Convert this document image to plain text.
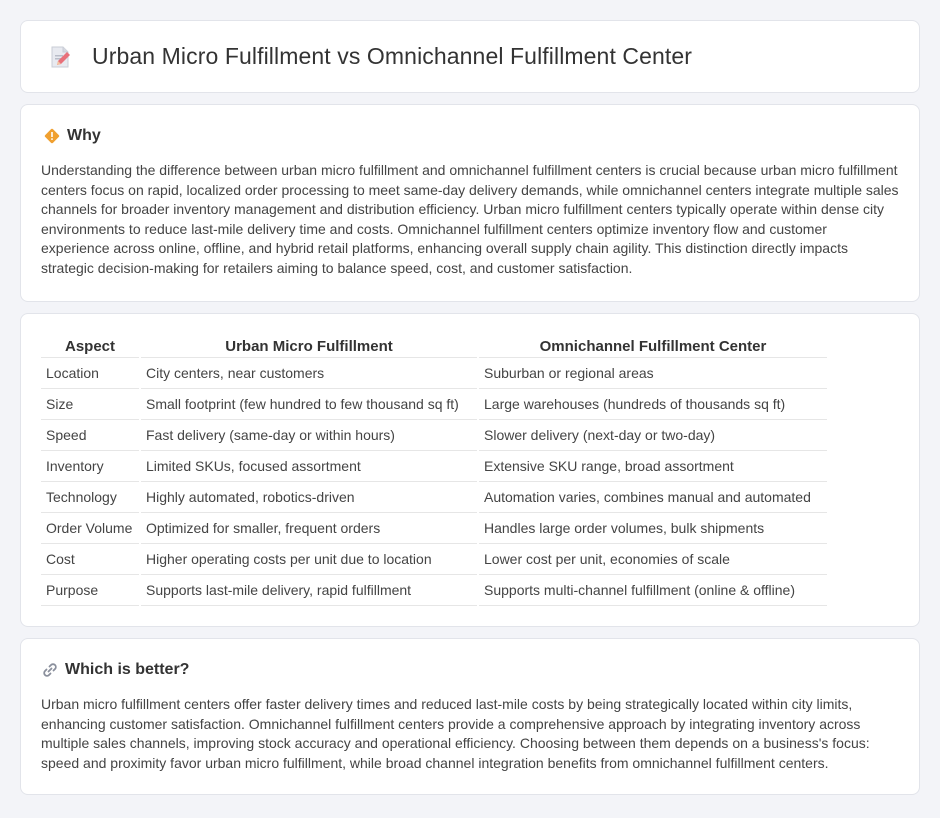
Urban Micro Fulfillment vs Omnichannel Fulfillment Center
Why

Understanding the difference between urban micro fulfillment and omnichannel fulfillment centers is crucial because urban micro fulfillment centers focus on rapid, localized order processing to meet same-day delivery demands, while omnichannel centers integrate multiple sales channels for broader inventory management and distribution efficiency. Urban micro fulfillment centers typically operate within dense city environments to reduce last-mile delivery time and costs. Omnichannel fulfillment centers optimize inventory flow and customer experience across online, offline, and hybrid retail platforms, enhancing overall supply chain agility. This distinction directly impacts strategic decision-making for retailers aiming to balance speed, cost, and customer satisfaction.

Aspect	Urban Micro Fulfillment	Omnichannel Fulfillment Center
Location	City centers, near customers	Suburban or regional areas
Size	Small footprint (few hundred to few thousand sq ft)	Large warehouses (hundreds of thousands sq ft)
Speed	Fast delivery (same-day or within hours)	Slower delivery (next-day or two-day)
Inventory	Limited SKUs, focused assortment	Extensive SKU range, broad assortment
Technology	Highly automated, robotics-driven	Automation varies, combines manual and automated
Order Volume	Optimized for smaller, frequent orders	Handles large order volumes, bulk shipments
Cost	Higher operating costs per unit due to location	Lower cost per unit, economies of scale
Purpose	Supports last-mile delivery, rapid fulfillment	Supports multi-channel fulfillment (online & offline)
Which is better?

Urban micro fulfillment centers offer faster delivery times and reduced last-mile costs by being strategically located within city limits, enhancing customer satisfaction. Omnichannel fulfillment centers provide a comprehensive approach by integrating inventory across multiple sales channels, improving stock accuracy and operational efficiency. Choosing between them depends on a business's focus: speed and proximity favor urban micro fulfillment, while broad channel integration benefits from omnichannel fulfillment centers.
